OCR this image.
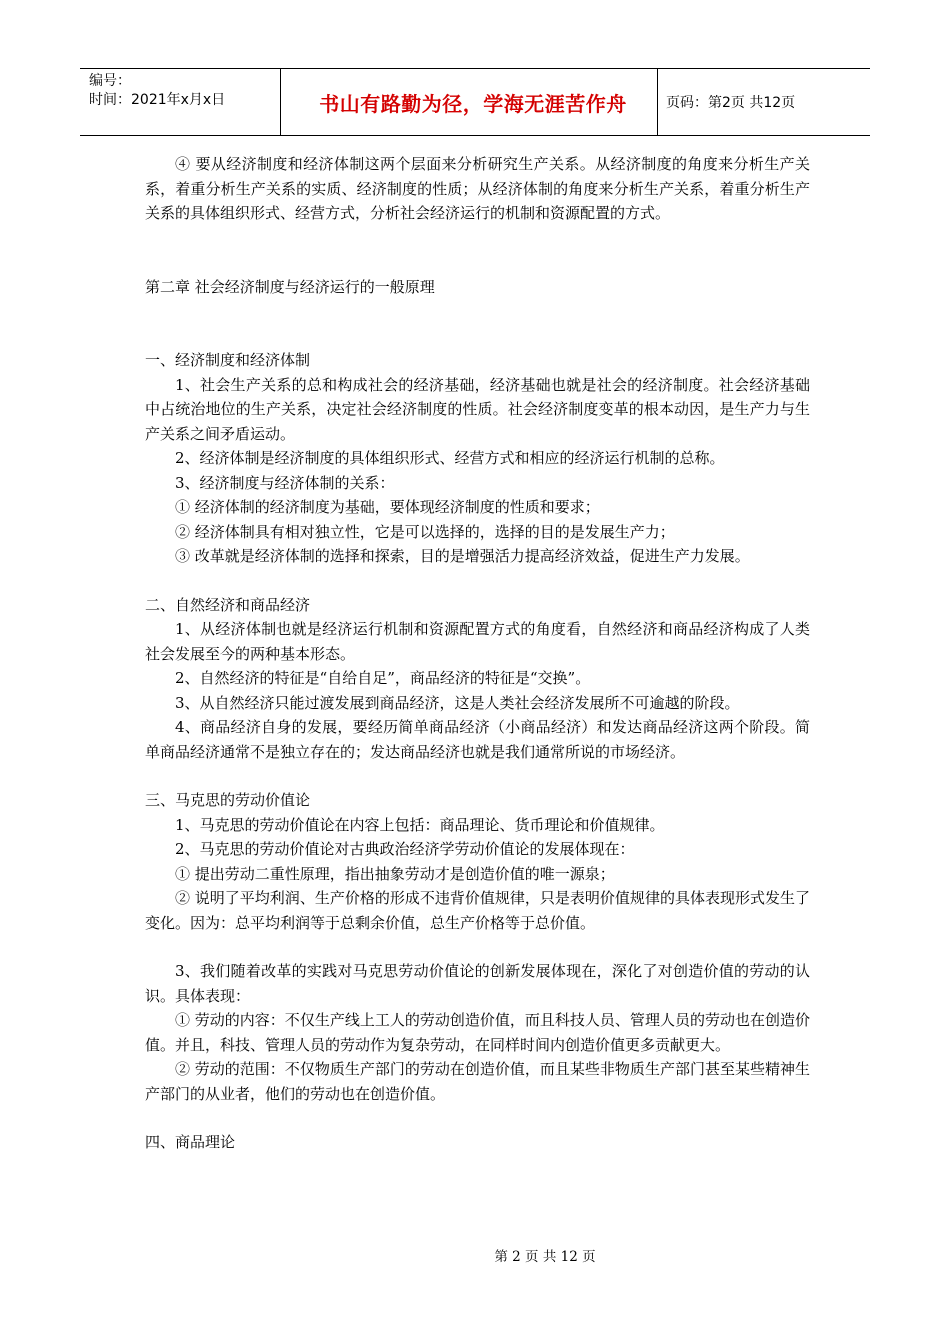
编号：
时间：2021年x月x日	书山有路勤为径，学海无涯苦作舟	页码：第2页 共12页

④ 要从经济制度和经济体制这两个层面来分析研究生产关系。从经济制度的角度来分析生产关系，着重分析生产关系的实质、经济制度的性质；从经济体制的角度来分析生产关系，着重分析生产关系的具体组织形式、经营方式，分析社会经济运行的机制和资源配置的方式。

第二章 社会经济制度与经济运行的一般原理

一、经济制度和经济体制

1、社会生产关系的总和构成社会的经济基础，经济基础也就是社会的经济制度。社会经济基础中占统治地位的生产关系，决定社会经济制度的性质。社会经济制度变革的根本动因，是生产力与生产关系之间矛盾运动。

2、经济体制是经济制度的具体组织形式、经营方式和相应的经济运行机制的总称。

3、经济制度与经济体制的关系：

① 经济体制的经济制度为基础，要体现经济制度的性质和要求；

② 经济体制具有相对独立性，它是可以选择的，选择的目的是发展生产力；

③ 改革就是经济体制的选择和探索，目的是增强活力提高经济效益，促进生产力发展。

二、自然经济和商品经济

1、从经济体制也就是经济运行机制和资源配置方式的角度看，自然经济和商品经济构成了人类社会发展至今的两种基本形态。

2、自然经济的特征是“自给自足”，商品经济的特征是“交换”。

3、从自然经济只能过渡发展到商品经济，这是人类社会经济发展所不可逾越的阶段。

4、商品经济自身的发展，要经历简单商品经济（小商品经济）和发达商品经济这两个阶段。简单商品经济通常不是独立存在的；发达商品经济也就是我们通常所说的市场经济。

三、马克思的劳动价值论

1、马克思的劳动价值论在内容上包括：商品理论、货币理论和价值规律。

2、马克思的劳动价值论对古典政治经济学劳动价值论的发展体现在：

① 提出劳动二重性原理，指出抽象劳动才是创造价值的唯一源泉；

② 说明了平均利润、生产价格的形成不违背价值规律，只是表明价值规律的具体表现形式发生了变化。因为：总平均利润等于总剩余价值，总生产价格等于总价值。

3、我们随着改革的实践对马克思劳动价值论的创新发展体现在，深化了对创造价值的劳动的认识。具体表现：

① 劳动的内容：不仅生产线上工人的劳动创造价值，而且科技人员、管理人员的劳动也在创造价值。并且，科技、管理人员的劳动作为复杂劳动，在同样时间内创造价值更多贡献更大。

② 劳动的范围：不仅物质生产部门的劳动在创造价值，而且某些非物质生产部门甚至某些精神生产部门的从业者，他们的劳动也在创造价值。

四、商品理论

第 2 页 共 12 页
